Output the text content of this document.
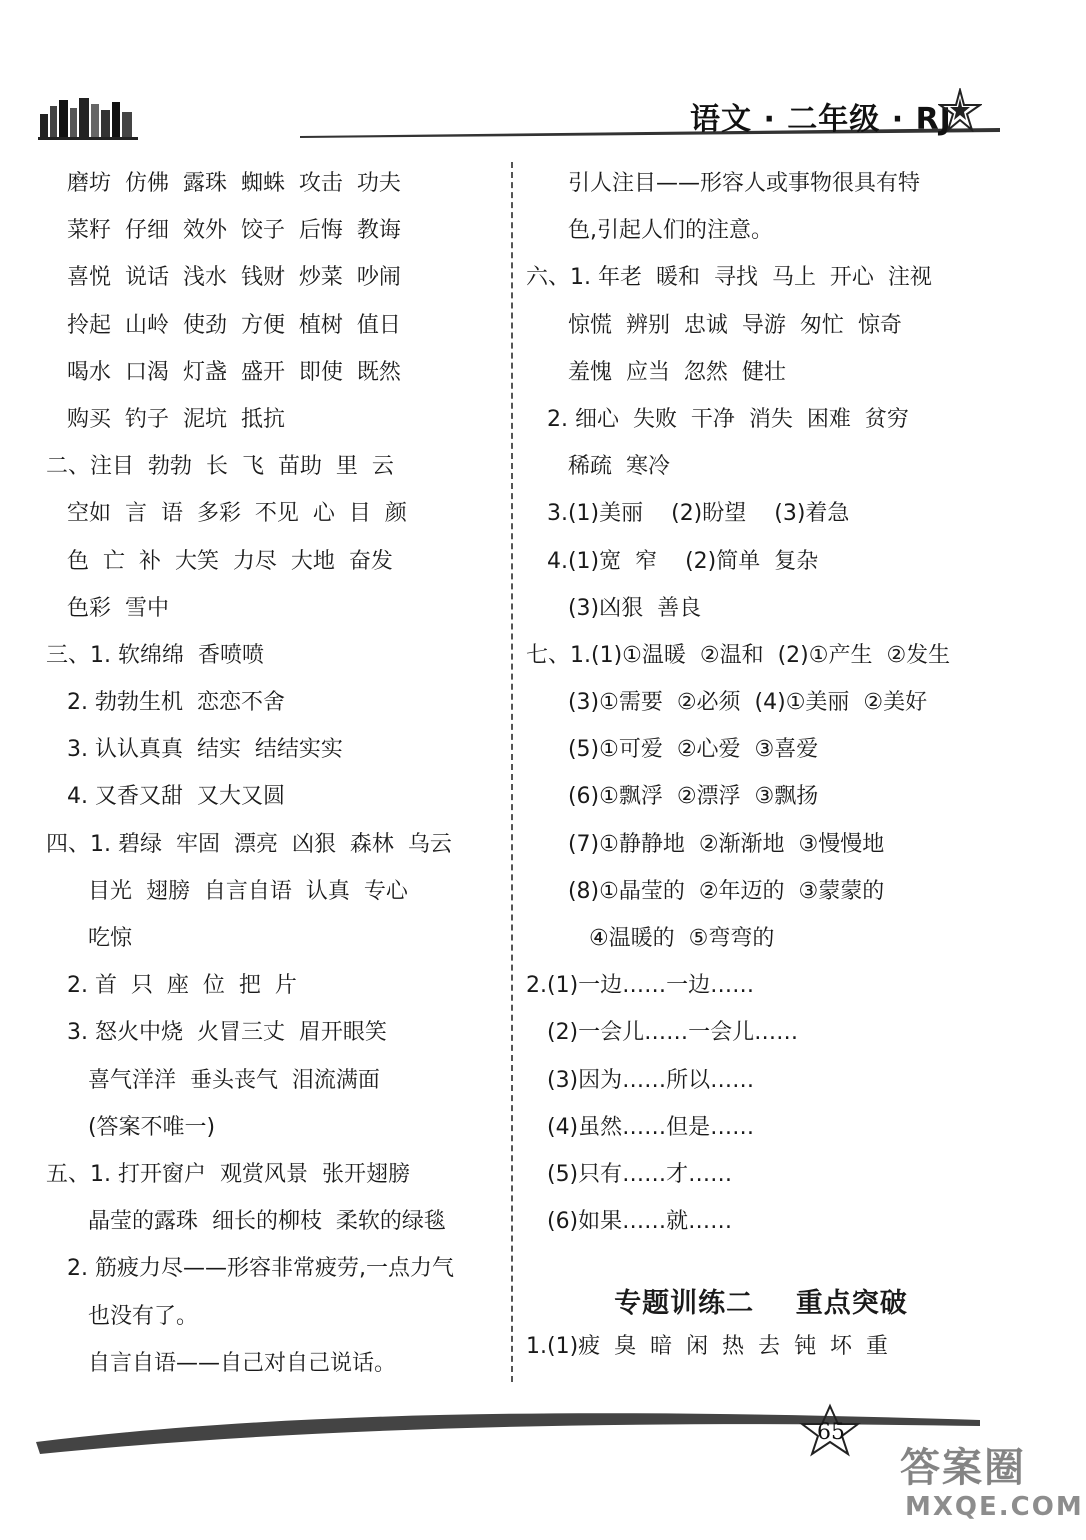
语文 · 二年级 · RJ
磨坊  仿佛  露珠  蜘蛛  攻击  功夫
菜籽  仔细  效外  饺子  后悔  教诲
喜悦  说话  浅水  钱财  炒菜  吵闹
拎起  山岭  使劲  方便  植树  值日
喝水  口渴  灯盏  盛开  即使  既然
购买  钓子  泥坑  抵抗
二、注目  勃勃  长  飞  苗助  里  云
空如  言  语  多彩  不见  心  目  颜
色  亡  补  大笑  力尽  大地  奋发
色彩  雪中
三、1. 软绵绵  香喷喷
2. 勃勃生机  恋恋不舍
3. 认认真真  结实  结结实实
4. 又香又甜  又大又圆
四、1. 碧绿  牢固  漂亮  凶狠  森林  乌云
目光  翅膀  自言自语  认真  专心
吃惊
2. 首  只  座  位  把  片
3. 怒火中烧  火冒三丈  眉开眼笑
喜气洋洋  垂头丧气  泪流满面
(答案不唯一)
五、1. 打开窗户  观赏风景  张开翅膀
晶莹的露珠  细长的柳枝  柔软的绿毯
2. 筋疲力尽——形容非常疲劳,一点力气
也没有了。
自言自语——自己对自己说话。
引人注目——形容人或事物很具有特
色,引起人们的注意。
六、1. 年老  暖和  寻找  马上  开心  注视
惊慌  辨别  忠诚  导游  匆忙  惊奇
羞愧  应当  忽然  健壮
2. 细心  失败  干净  消失  困难  贫穷
稀疏  寒冷
3.(1)美丽    (2)盼望    (3)着急
4.(1)宽  窄    (2)简单  复杂
(3)凶狠  善良
七、1.(1)①温暖  ②温和  (2)①产生  ②发生
(3)①需要  ②必须  (4)①美丽  ②美好
(5)①可爱  ②心爱  ③喜爱
(6)①飘浮  ②漂浮  ③飘扬
(7)①静静地  ②渐渐地  ③慢慢地
(8)①晶莹的  ②年迈的  ③蒙蒙的
④温暖的  ⑤弯弯的
2.(1)一边……一边……
(2)一会儿……一会儿……
(3)因为……所以……
(4)虽然……但是……
(5)只有……才……
(6)如果……就……
专题训练二    重点突破
1.(1)疲  臭  暗  闲  热  去  钝  坏  重
65
答案圈
MXQE.COM
